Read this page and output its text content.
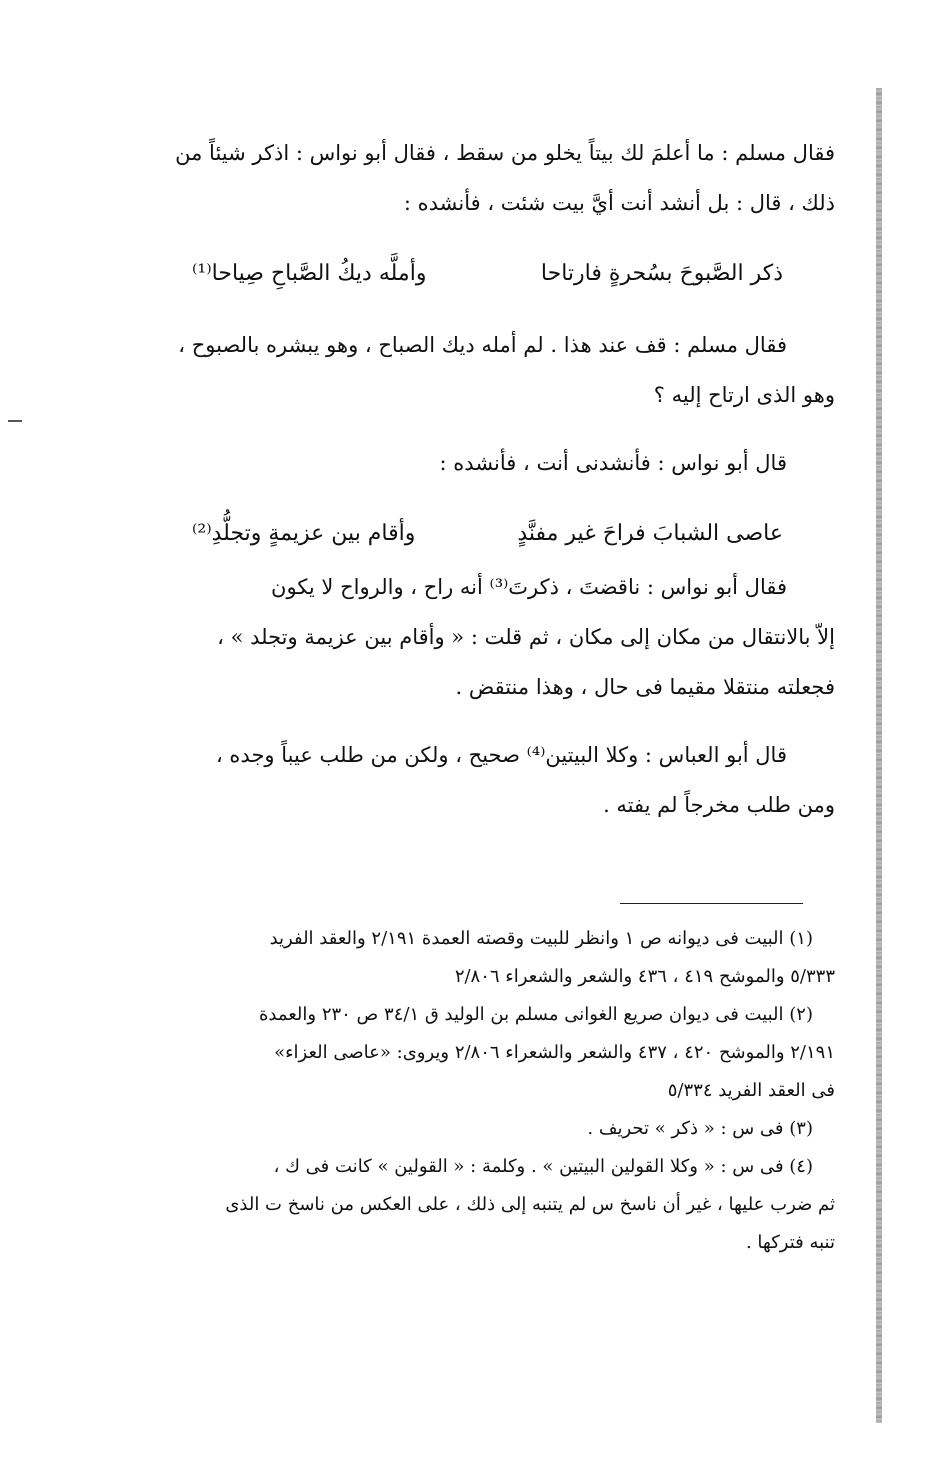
فقال مسلم : ما أعلمَ لك بيتاً يخلو من سقط ، فقال أبو نواس : اذكر شيئاً من
ذلك ، قال : بل أنشد أنت أيَّ بيت شئت ، فأنشده :
ذكر الصَّبوحَ بسُحرةٍ فارتاحا
وأملَّه ديكُ الصَّباحِ صِياحا⁽¹⁾
فقال مسلم : قف عند هذا . لم أمله ديك الصباح ، وهو يبشره بالصبوح ،
وهو الذى ارتاح إليه ؟
قال أبو نواس : فأنشدنى أنت ، فأنشده :
عاصى الشبابَ فراحَ غير مفنَّدٍ
وأقام بين عزيمةٍ وتجلُّدِ⁽²⁾
فقال أبو نواس : ناقضتَ ، ذكرتَ⁽³⁾ أنه راح ، والرواح لا يكون
إلاّ بالانتقال من مكان إلى مكان ، ثم قلت : « وأقام بين عزيمة وتجلد » ،
فجعلته منتقلا مقيما فى حال ، وهذا منتقض .
قال أبو العباس : وكلا البيتين⁽⁴⁾ صحيح ، ولكن من طلب عيباً وجده ،
ومن طلب مخرجاً لم يفته .
(١) البيت فى ديوانه ص ١ وانظر للبيت وقصته العمدة ٢/١٩١ والعقد الفريد
٥/٣٣٣ والموشح ٤١٩ ، ٤٣٦ والشعر والشعراء ٢/٨٠٦
(٢) البيت فى ديوان صريع الغوانى مسلم بن الوليد ق ٣٤/١ ص ٢٣٠ والعمدة
٢/١٩١ والموشح ٤٢٠ ، ٤٣٧ والشعر والشعراء ٢/٨٠٦ ويروى: «عاصى العزاء»
فى العقد الفريد ٥/٣٣٤
(٣) فى س : « ذكر » تحريف .
(٤) فى س : « وكلا القولين البيتين » . وكلمة : « القولين » كانت فى ك ،
ثم ضرب عليها ، غير أن ناسخ س لم يتنبه إلى ذلك ، على العكس من ناسخ ت الذى
تنبه فتركها .
